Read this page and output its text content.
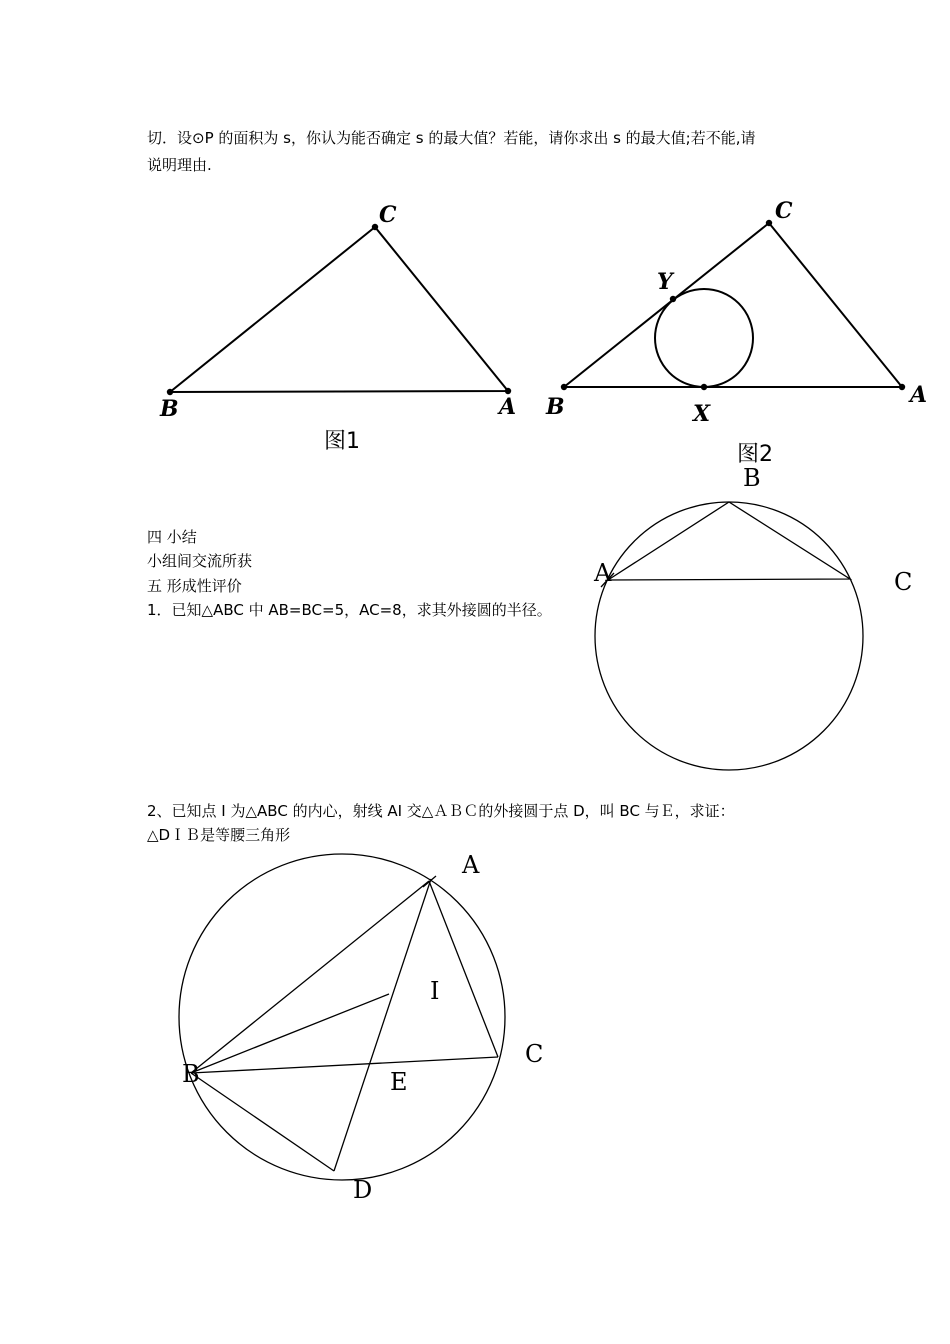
切．设⊙P 的面积为 s，你认为能否确定 s 的最大值？若能，请你求出 s 的最大值;若不能,请
说明理由.
四 小结
小组间交流所获
五 形成性评价
1．已知△ABC 中 AB=BC=5，AC=8，求其外接圆的半径。
2、已知点 I 为△ABC 的内心，射线 AI 交△ＡＢＣ的外接圆于点 D，叫 BC 与Ｅ，求证：
△DＩＢ是等腰三角形
C
B	A
图1
C
Y
B	X
A
图2
B
A	C
A
I
C
B	E
D
